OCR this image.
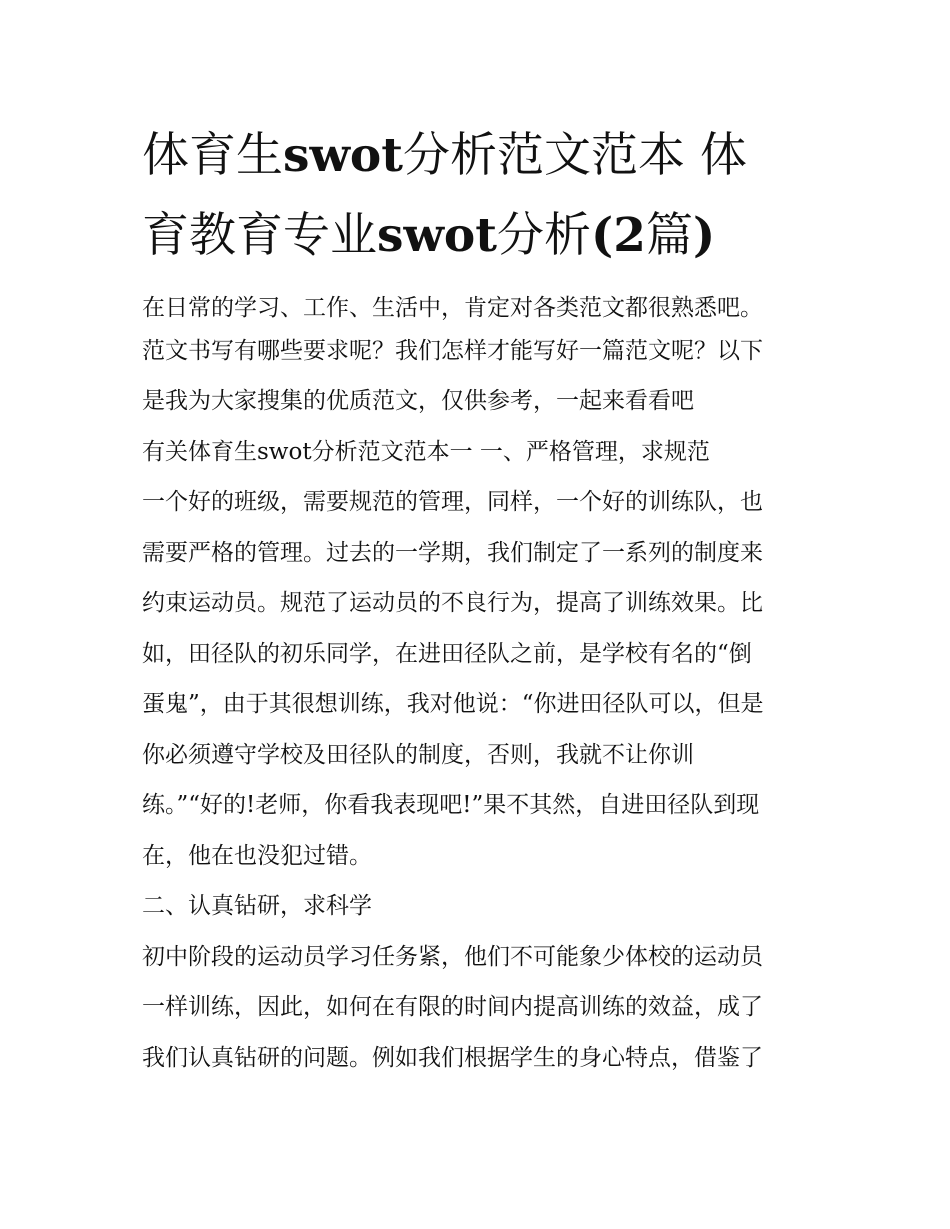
体育生swot分析范文范本 体
育教育专业swot分析(2篇)

在日常的学习、工作、生活中，肯定对各类范文都很熟悉吧。

范文书写有哪些要求呢？我们怎样才能写好一篇范文呢？以下

是我为大家搜集的优质范文，仅供参考，一起来看看吧

有关体育生swot分析范文范本一 一、严格管理，求规范

一个好的班级，需要规范的管理，同样，一个好的训练队，也

需要严格的管理。过去的一学期，我们制定了一系列的制度来

约束运动员。规范了运动员的不良行为，提高了训练效果。比

如，田径队的初乐同学，在进田径队之前，是学校有名的“倒

蛋鬼”，由于其很想训练，我对他说：“你进田径队可以，但是

你必须遵守学校及田径队的制度，否则，我就不让你训

练。”“好的!老师，你看我表现吧!”果不其然，自进田径队到现

在，他在也没犯过错。

二、认真钻研，求科学

初中阶段的运动员学习任务紧，他们不可能象少体校的运动员

一样训练，因此，如何在有限的时间内提高训练的效益，成了

我们认真钻研的问题。例如我们根据学生的身心特点，借鉴了
